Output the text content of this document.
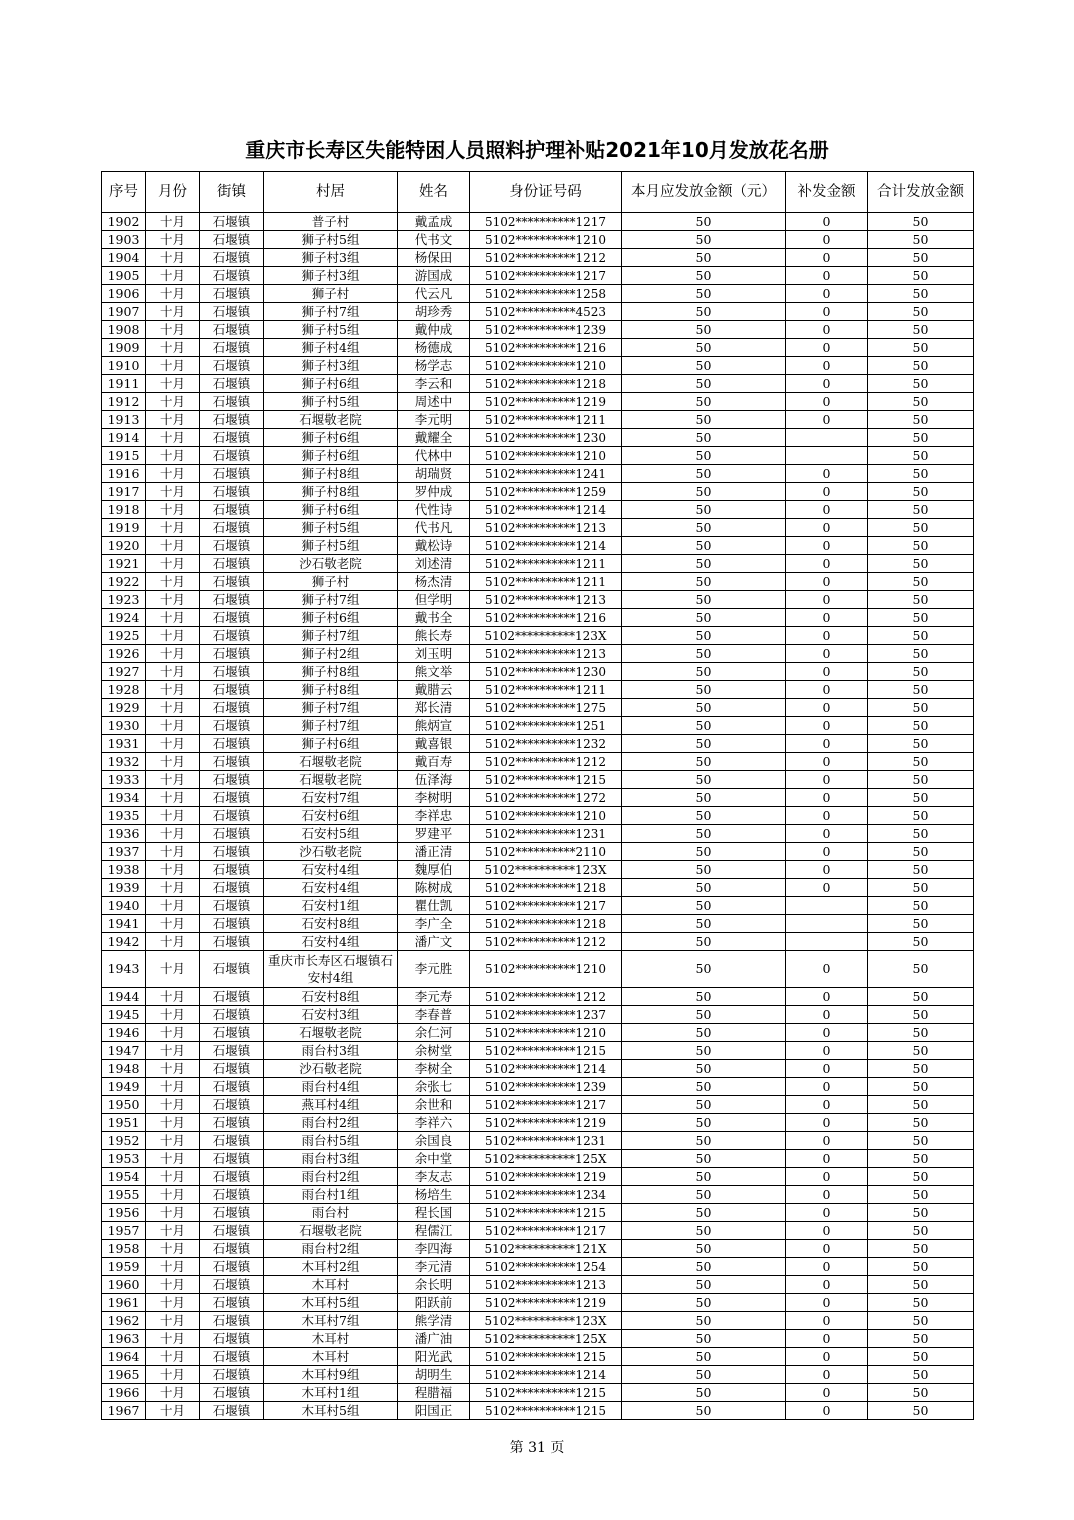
重庆市长寿区失能特困人员照料护理补贴2021年10月发放花名册
序号	月份	街镇	村居	姓名	身份证号码	本月应发放金额（元）	补发金额	合计发放金额
1902	十月	石堰镇	普子村	戴孟成	5102**********1217	50	0	50
1903	十月	石堰镇	狮子村5组	代书文	5102**********1210	50	0	50
1904	十月	石堰镇	狮子村3组	杨保田	5102**********1212	50	0	50
1905	十月	石堰镇	狮子村3组	游国成	5102**********1217	50	0	50
1906	十月	石堰镇	狮子村	代云凡	5102**********1258	50	0	50
1907	十月	石堰镇	狮子村7组	胡珍秀	5102**********4523	50	0	50
1908	十月	石堰镇	狮子村5组	戴仲成	5102**********1239	50	0	50
1909	十月	石堰镇	狮子村4组	杨德成	5102**********1216	50	0	50
1910	十月	石堰镇	狮子村3组	杨学志	5102**********1210	50	0	50
1911	十月	石堰镇	狮子村6组	李云和	5102**********1218	50	0	50
1912	十月	石堰镇	狮子村5组	周述中	5102**********1219	50	0	50
1913	十月	石堰镇	石堰敬老院	李元明	5102**********1211	50	0	50
1914	十月	石堰镇	狮子村6组	戴耀全	5102**********1230	50		50
1915	十月	石堰镇	狮子村6组	代林中	5102**********1210	50		50
1916	十月	石堰镇	狮子村8组	胡瑞贤	5102**********1241	50	0	50
1917	十月	石堰镇	狮子村8组	罗仲成	5102**********1259	50	0	50
1918	十月	石堰镇	狮子村6组	代性诗	5102**********1214	50	0	50
1919	十月	石堰镇	狮子村5组	代书凡	5102**********1213	50	0	50
1920	十月	石堰镇	狮子村5组	戴松诗	5102**********1214	50	0	50
1921	十月	石堰镇	沙石敬老院	刘述清	5102**********1211	50	0	50
1922	十月	石堰镇	狮子村	杨杰清	5102**********1211	50	0	50
1923	十月	石堰镇	狮子村7组	但学明	5102**********1213	50	0	50
1924	十月	石堰镇	狮子村6组	戴书全	5102**********1216	50	0	50
1925	十月	石堰镇	狮子村7组	熊长寿	5102**********123X	50	0	50
1926	十月	石堰镇	狮子村2组	刘玉明	5102**********1213	50	0	50
1927	十月	石堰镇	狮子村8组	熊文举	5102**********1230	50	0	50
1928	十月	石堰镇	狮子村8组	戴腊云	5102**********1211	50	0	50
1929	十月	石堰镇	狮子村7组	郑长清	5102**********1275	50	0	50
1930	十月	石堰镇	狮子村7组	熊炳宣	5102**********1251	50	0	50
1931	十月	石堰镇	狮子村6组	戴喜银	5102**********1232	50	0	50
1932	十月	石堰镇	石堰敬老院	戴百寿	5102**********1212	50	0	50
1933	十月	石堰镇	石堰敬老院	伍泽海	5102**********1215	50	0	50
1934	十月	石堰镇	石安村7组	李树明	5102**********1272	50	0	50
1935	十月	石堰镇	石安村6组	李祥忠	5102**********1210	50	0	50
1936	十月	石堰镇	石安村5组	罗建平	5102**********1231	50	0	50
1937	十月	石堰镇	沙石敬老院	潘正清	5102**********2110	50	0	50
1938	十月	石堰镇	石安村4组	魏厚伯	5102**********123X	50	0	50
1939	十月	石堰镇	石安村4组	陈树成	5102**********1218	50	0	50
1940	十月	石堰镇	石安村1组	瞿仕凯	5102**********1217	50		50
1941	十月	石堰镇	石安村8组	李广全	5102**********1218	50		50
1942	十月	石堰镇	石安村4组	潘广文	5102**********1212	50		50
1943	十月	石堰镇	重庆市长寿区石堰镇石安村4组	李元胜	5102**********1210	50	0	50
1944	十月	石堰镇	石安村8组	李元寿	5102**********1212	50	0	50
1945	十月	石堰镇	石安村3组	李春普	5102**********1237	50	0	50
1946	十月	石堰镇	石堰敬老院	余仁河	5102**********1210	50	0	50
1947	十月	石堰镇	雨台村3组	余树堂	5102**********1215	50	0	50
1948	十月	石堰镇	沙石敬老院	李树全	5102**********1214	50	0	50
1949	十月	石堰镇	雨台村4组	余张七	5102**********1239	50	0	50
1950	十月	石堰镇	燕耳村4组	余世和	5102**********1217	50	0	50
1951	十月	石堰镇	雨台村2组	李祥六	5102**********1219	50	0	50
1952	十月	石堰镇	雨台村5组	余国良	5102**********1231	50	0	50
1953	十月	石堰镇	雨台村3组	余中堂	5102**********125X	50	0	50
1954	十月	石堰镇	雨台村2组	李友志	5102**********1219	50	0	50
1955	十月	石堰镇	雨台村1组	杨培生	5102**********1234	50	0	50
1956	十月	石堰镇	雨台村	程长国	5102**********1215	50	0	50
1957	十月	石堰镇	石堰敬老院	程儒江	5102**********1217	50	0	50
1958	十月	石堰镇	雨台村2组	李四海	5102**********121X	50	0	50
1959	十月	石堰镇	木耳村2组	李元清	5102**********1254	50	0	50
1960	十月	石堰镇	木耳村	余长明	5102**********1213	50	0	50
1961	十月	石堰镇	木耳村5组	阳跃前	5102**********1219	50	0	50
1962	十月	石堰镇	木耳村7组	熊学清	5102**********123X	50	0	50
1963	十月	石堰镇	木耳村	潘广油	5102**********125X	50	0	50
1964	十月	石堰镇	木耳村	阳光武	5102**********1215	50	0	50
1965	十月	石堰镇	木耳村9组	胡明生	5102**********1214	50	0	50
1966	十月	石堰镇	木耳村1组	程腊福	5102**********1215	50	0	50
1967	十月	石堰镇	木耳村5组	阳国正	5102**********1215	50	0	50
第 31 页
